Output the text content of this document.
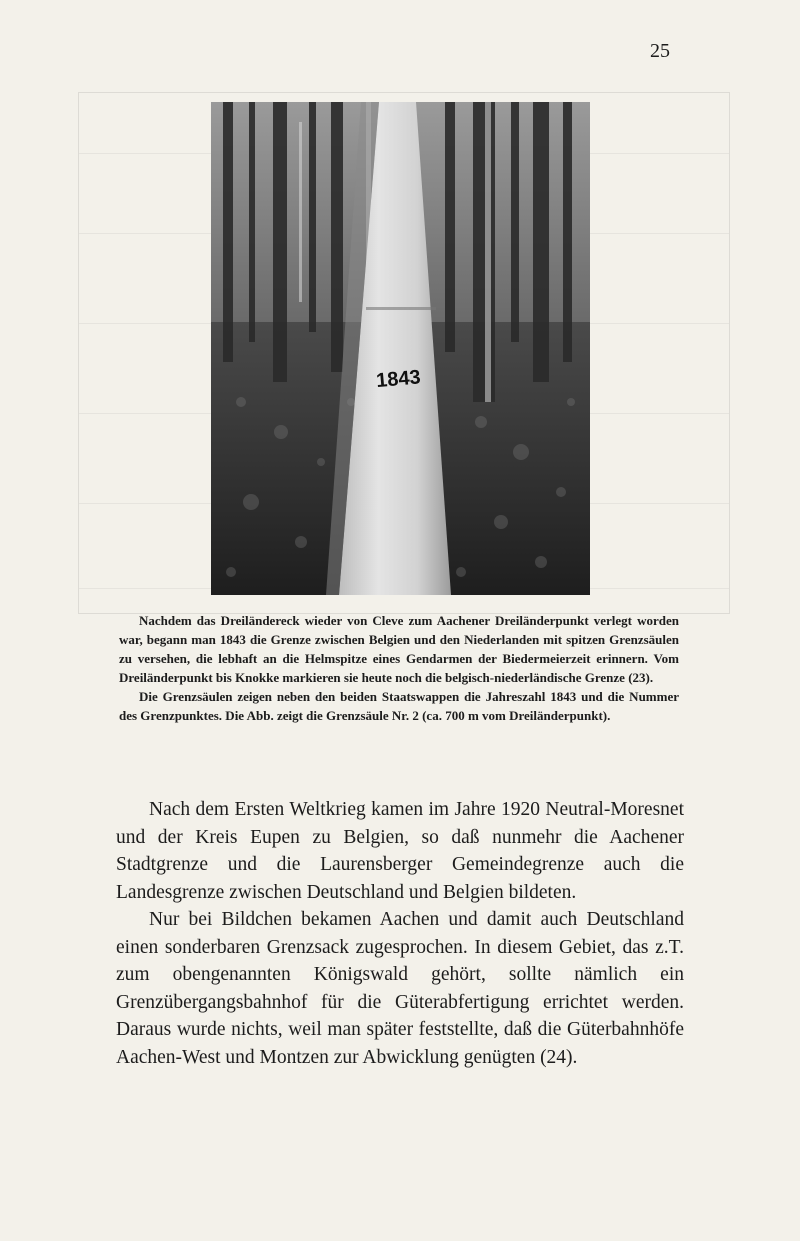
25
1843

Nachdem das Dreiländereck wieder von Cleve zum Aachener Dreiländerpunkt verlegt worden war, begann man 1843 die Grenze zwischen Belgien und den Niederlanden mit spitzen Grenzsäulen zu versehen, die lebhaft an die Helmspitze eines Gendarmen der Biedermeierzeit erinnern. Vom Dreiländerpunkt bis Knokke markieren sie heute noch die belgisch-niederländische Grenze (23).

Die Grenzsäulen zeigen neben den beiden Staatswappen die Jahreszahl 1843 und die Nummer des Grenzpunktes. Die Abb. zeigt die Grenzsäule Nr. 2 (ca. 700 m vom Dreiländerpunkt).

Nach dem Ersten Weltkrieg kamen im Jahre 1920 Neutral-Moresnet und der Kreis Eupen zu Belgien, so daß nunmehr die Aachener Stadtgrenze und die Laurensberger Gemeindegrenze auch die Landesgrenze zwischen Deutschland und Belgien bildeten.

Nur bei Bildchen bekamen Aachen und damit auch Deutschland einen sonderbaren Grenzsack zugesprochen. In diesem Gebiet, das z.T. zum obengenannten Königswald gehört, sollte nämlich ein Grenzübergangsbahnhof für die Güterabfertigung errichtet werden. Daraus wurde nichts, weil man später feststellte, daß die Güterbahnhöfe Aachen-West und Montzen zur Abwicklung genügten (24).
